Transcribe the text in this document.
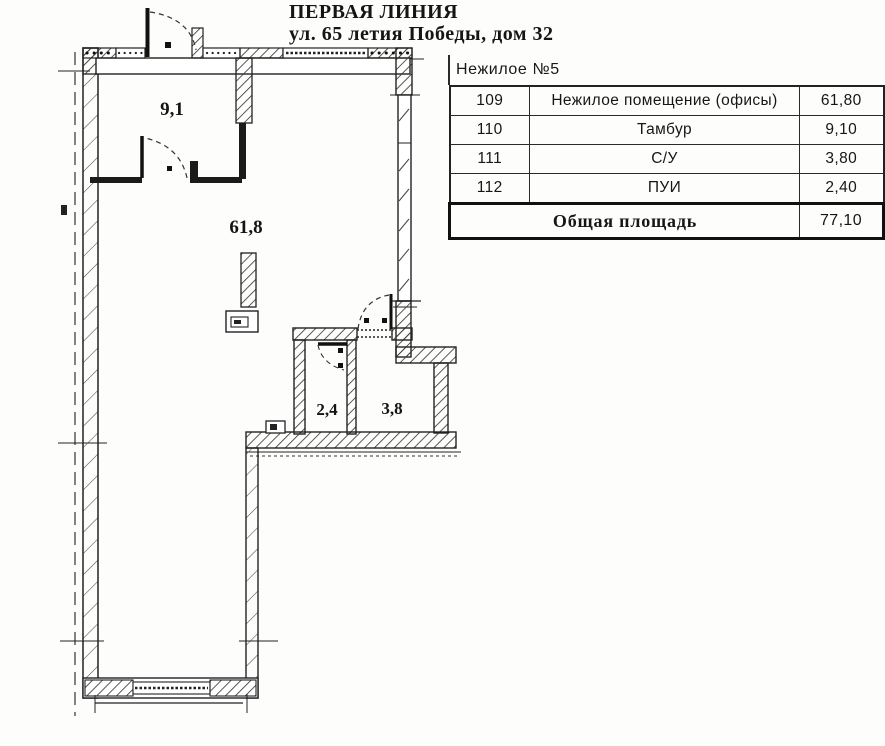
ПЕРВАЯ ЛИНИЯ
ул. 65 летия Победы, дом 32
9,1
61,8
2,4	3,8
Нежилое №5
109	Нежилое помещение (офисы)	61,80
110	Тамбур	9,10
111	С/У	3,80
112	ПУИ	2,40
Общая площадь		77,10
